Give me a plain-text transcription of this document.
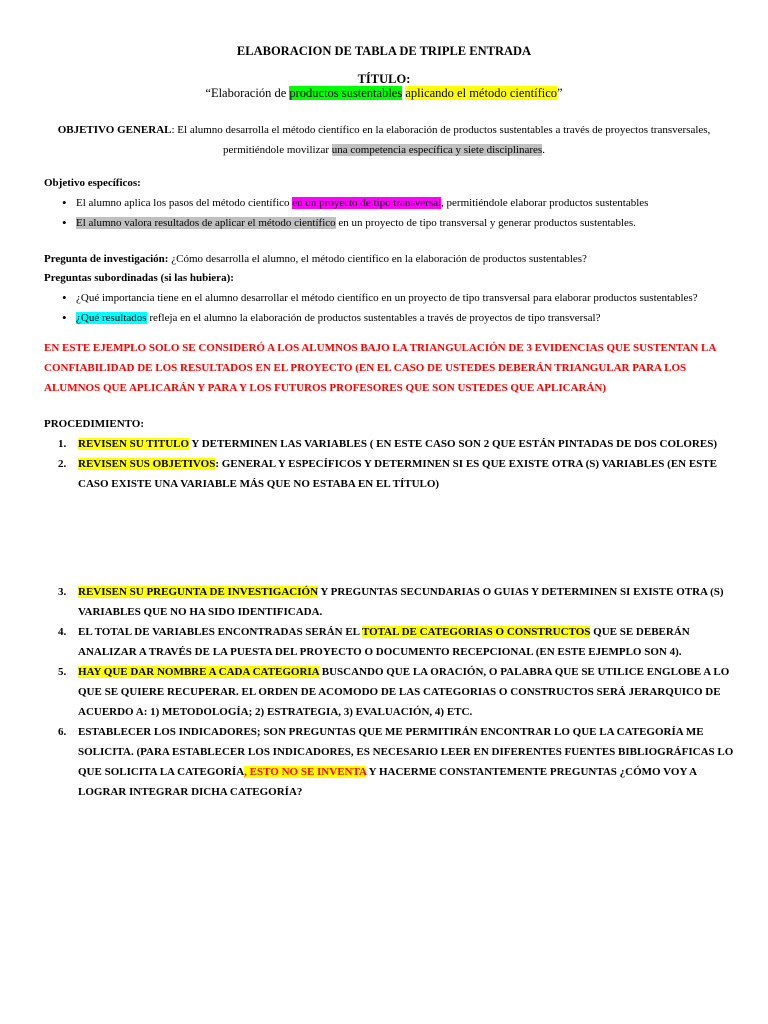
ELABORACION DE TABLA DE TRIPLE ENTRADA
TÍTULO:
“Elaboración de productos sustentables aplicando el método científico”
OBJETIVO GENERAL: El alumno desarrolla el método científico en la elaboración de productos sustentables a través de proyectos transversales, permitiéndole movilizar una competencia específica y siete disciplinares.
Objetivo específicos:
• El alumno aplica los pasos del método científico en un proyecto de tipo transversal, permitiéndole elaborar productos sustentables
• El alumno valora resultados de aplicar el método científico en un proyecto de tipo transversal y generar productos sustentables.
Pregunta de investigación: ¿Cómo desarrolla el alumno, el método científico en la elaboración de productos sustentables?
Preguntas subordinadas (si las hubiera):
• ¿Qué importancia tiene en el alumno desarrollar el método científico en un proyecto de tipo transversal para elaborar productos sustentables?
• ¿Qué resultados refleja en el alumno la elaboración de productos sustentables a través de proyectos de tipo transversal?
EN ESTE EJEMPLO SOLO SE CONSIDERÓ A LOS ALUMNOS BAJO LA TRIANGULACIÓN DE 3 EVIDENCIAS QUE SUSTENTAN LA CONFIABILIDAD DE LOS RESULTADOS EN EL PROYECTO (EN EL CASO DE USTEDES DEBERÁN TRIANGULAR PARA LOS ALUMNOS QUE APLICARÁN Y PARA Y LOS FUTUROS PROFESORES QUE SON USTEDES QUE APLICARÁN)
PROCEDIMIENTO:
1. REVISEN SU TITULO Y DETERMINEN LAS VARIABLES ( EN ESTE CASO SON 2 QUE ESTÁN PINTADAS DE DOS COLORES)
2. REVISEN SUS OBJETIVOS: GENERAL Y ESPECÍFICOS Y DETERMINEN SI ES QUE EXISTE OTRA (S) VARIABLES (EN ESTE CASO EXISTE UNA VARIABLE MÁS QUE NO ESTABA EN EL TÍTULO)
3. REVISEN SU PREGUNTA DE INVESTIGACIÓN Y PREGUNTAS SECUNDARIAS O GUIAS Y DETERMINEN SI EXISTE OTRA (S) VARIABLES QUE NO HA SIDO IDENTIFICADA.
4. EL TOTAL DE VARIABLES ENCONTRADAS SERÁN EL TOTAL DE CATEGORIAS O CONSTRUCTOS QUE SE DEBERÁN ANALIZAR A TRAVÉS DE LA PUESTA DEL PROYECTO O DOCUMENTO RECEPCIONAL (EN ESTE EJEMPLO SON 4).
5. HAY QUE DAR NOMBRE A CADA CATEGORIA BUSCANDO QUE LA ORACIÓN, O PALABRA QUE SE UTILICE ENGLOBE A LO QUE SE QUIERE RECUPERAR. EL ORDEN DE ACOMODO DE LAS CATEGORIAS O CONSTRUCTOS SERÁ JERARQUICO DE ACUERDO A: 1) METODOLOGÍA; 2) ESTRATEGIA, 3) EVALUACIÓN, 4) ETC.
6. ESTABLECER LOS INDICADORES; SON PREGUNTAS QUE ME PERMITIRÁN ENCONTRAR LO QUE LA CATEGORÍA ME SOLICITA. (PARA ESTABLECER LOS INDICADORES, ES NECESARIO LEER EN DIFERENTES FUENTES BIBLIOGRÁFICAS LO QUE SOLICITA LA CATEGORÍA, ESTO NO SE INVENTA Y HACERME CONSTANTEMENTE PREGUNTAS ¿CÓMO VOY A LOGRAR INTEGRAR DICHA CATEGORÍA?
